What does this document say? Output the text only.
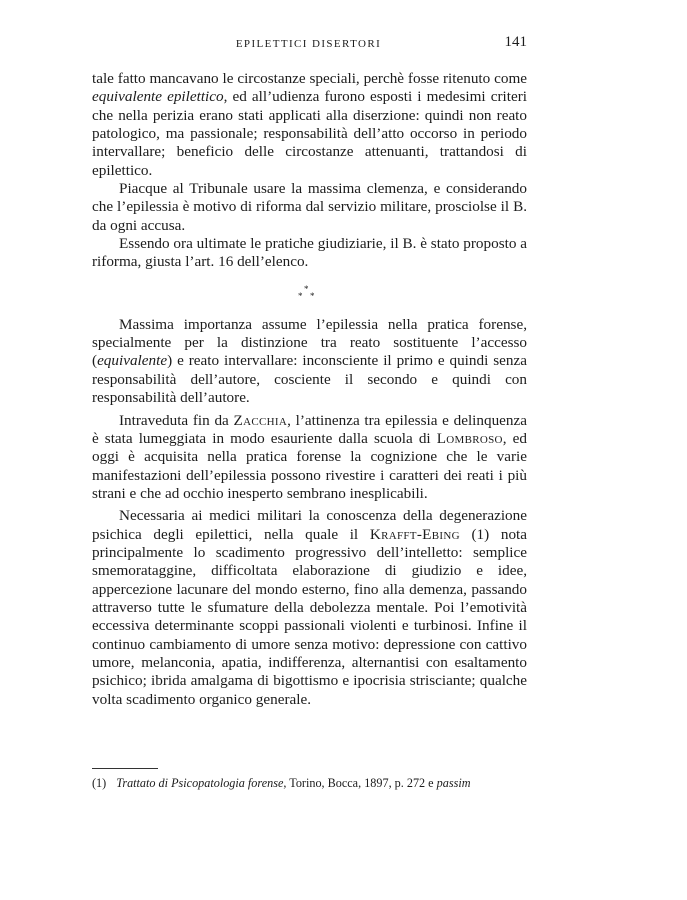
EPILETTICI DISERTORI	141

tale fatto mancavano le circostanze speciali, perchè fosse ritenuto come equivalente epilettico, ed all’udienza furono esposti i medesimi criteri che nella perizia erano stati applicati alla diserzione: quindi non reato patologico, ma passionale; responsabilità dell’atto occorso in periodo intervallare; beneficio delle circostanze attenuanti, trattandosi di epilettico.

Piacque al Tribunale usare la massima clemenza, e considerando che l’epilessia è motivo di riforma dal servizio militare, prosciolse il B. da ogni accusa.

Essendo ora ultimate le pratiche giudiziarie, il B. è stato proposto a riforma, giusta l’art. 16 dell’elenco.

*
* *

Massima importanza assume l’epilessia nella pratica forense, specialmente per la distinzione tra reato sostituente l’accesso (equivalente) e reato intervallare: inconsciente il primo e quindi senza responsabilità dell’autore, cosciente il secondo e quindi con responsabilità dell’autore.

Intraveduta fin da Zacchia, l’attinenza tra epilessia e delinquenza è stata lumeggiata in modo esauriente dalla scuola di Lombroso, ed oggi è acquisita nella pratica forense la cognizione che le varie manifestazioni dell’epilessia possono rivestire i caratteri dei reati i più strani e che ad occhio inesperto sembrano inesplicabili.

Necessaria ai medici militari la conoscenza della degenerazione psichica degli epilettici, nella quale il Krafft-Ebing (1) nota principalmente lo scadimento progressivo dell’intelletto: semplice smemorataggine, difficoltata elaborazione di giudizio e idee, appercezione lacunare del mondo esterno, fino alla demenza, passando attraverso tutte le sfumature della debolezza mentale. Poi l’emotività eccessiva determinante scoppi passionali violenti e turbinosi. Infine il continuo cambiamento di umore senza motivo: depressione con cattivo umore, melanconia, apatia, indifferenza, alternantisi con esaltamento psichico; ibrida amalgama di bigottismo e ipocrisia strisciante; qualche volta scadimento organico generale.

(1) Trattato di Psicopatologia forense, Torino, Bocca, 1897, p. 272 e passim
